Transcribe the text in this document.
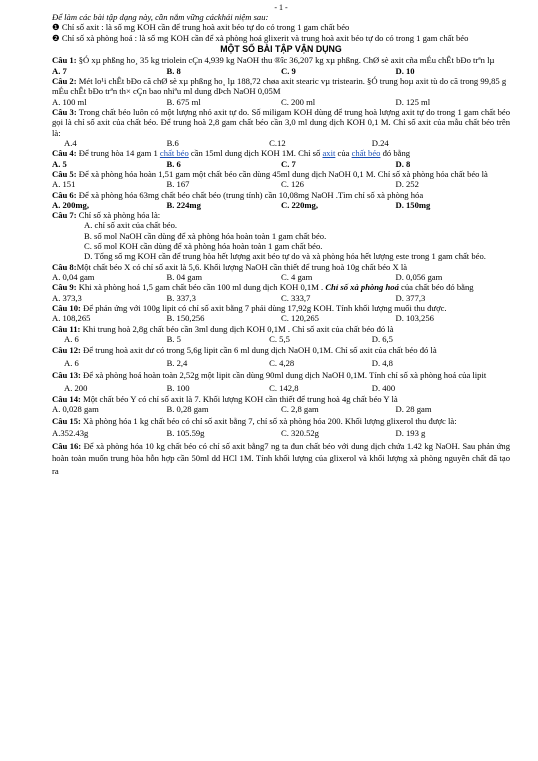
- 1 -

Để làm các bài tập dạng này, cần nắm vững cáckhái niệm sau:

❶ Chỉ số axit : là số mg KOH cần để trung hoà axit béo tự do có trong 1 gam chất béo

❷ Chỉ số xà phòng hoá : là số mg KOH cần để xà phòng hoá glixerit và trung hoà axit béo tự do có trong 1 gam chất béo

MỘT SỐ BÀI TẬP VẬN DỤNG

Câu 1: §Ó xµ phßng ho¸ 35 kg triolein cÇn 4,939 kg NaOH thu ®îc 36,207 kg xµ phßng. ChØ sè axit cña mÉu chÊt bÐo trªn lµ

A. 7	B. 8	C. 9	D. 10

Câu 2: Mét lo¹i chÊt bÐo cã chØ sè xµ phßng ho¸ lµ 188,72 chøa axit stearic vµ tristearin. §Ó trung hoµ axit tù do cã trong 99,85 g mÉu chÊt bÐo trªn th× cÇn bao nhiªu ml dung dÞch NaOH 0,05M

A. 100 ml	B. 675 ml	C. 200 ml	D. 125 ml

Câu 3: Trong chất béo luôn có một lượng nhỏ axit tự do. Số miligam KOH dùng để trung hoà lượng axit tự do trong 1 gam chất béo gọi là chỉ số axit của chất béo. Để trung hoà 2,8 gam chất béo cần 3,0 ml dung dịch KOH 0,1 M. Chỉ số axit của mẫu chất béo trên là:

A.4	B.6	C.12	D.24

Câu 4: Để trung hòa 14 gam 1 chất béo cần 15ml dung dịch KOH 1M. Chỉ số axit của chất béo đó bằng

A. 5	B. 6	C. 7	D. 8

Câu 5: Để xà phòng hóa hoàn 1,51 gam một chất béo cần dùng 45ml dung dịch NaOH 0,1 M. Chỉ số xà phòng hóa chất béo là

A. 151	B. 167	C. 126	D. 252

Câu 6: Để xà phòng hóa 63mg chất béo chất béo (trung tính) cần 10,08mg NaOH .Tìm chỉ số xà phòng hóa

A. 200mg,	B. 224mg	C. 220mg,	D. 150mg

Câu 7: Chỉ số xà phòng hóa là:

A. chỉ số axit của chất béo.

B. số mol NaOH cần dùng để xà phòng hóa hoàn toàn 1 gam chất béo.

C. số mol KOH cần dùng để xà phòng hóa hoàn toàn 1 gam chất béo.

D. Tổng số mg KOH cần để trung hòa hết lượng axit béo tự do và xà phòng hóa hết lượng este trong 1 gam chất béo.

Câu 8:Một chất béo X có chỉ số axit là 5,6. Khối lượng NaOH cần thiết để trung hoà 10g chất béo X là

A. 0,04 gam	B. 04 gam	C. 4 gam	D. 0,056 gam

Câu 9: Khi xà phòng hoá 1,5 gam chất béo cần 100 ml dung dịch KOH 0,1M . Chỉ số xà phòng hoá của chất béo đó bằng

A. 373,3	B. 337,3	C. 333,7	D. 377,3

Câu 10: Để phản ứng với 100g lipit có chỉ số axit bằng 7 phải dùng 17,92g KOH. Tính khối lượng muối thu được.

A. 108,265	B. 150,256	C. 120,265	D. 103,256

Câu 11: Khi trung hoà 2,8g chất béo cần 3ml dung dịch KOH 0,1M . Chỉ số axit của chất béo đó là

A. 6	B. 5	C. 5,5	D. 6,5

Câu 12: Để trung hoà axit dư có trong 5,6g lipit cần 6 ml dung dịch NaOH 0,1M. Chỉ số axit của chất béo đó là

A. 6	B. 2,4	C. 4,28	D. 4,8

Câu 13: Để xà phòng hoá hoàn toàn 2,52g một lipit cần dùng 90ml dung dịch NaOH 0,1M. Tính chỉ số xà phòng hoá của lipit

A. 200	B. 100	C. 142,8	D. 400

Câu 14: Một chất béo Y có chỉ số axit là 7. Khối lượng KOH cần thiết để trung hoà 4g chất béo Y là

A. 0,028 gam	B. 0,28 gam	C. 2,8 gam	D. 28 gam

Câu 15: Xà phòng hóa 1 kg chất béo có chỉ số axit bằng 7, chỉ số xà phòng hóa 200. Khối lượng glixerol thu được là:

A.352.43g	B. 105.59g	C. 320.52g	D. 193 g

Câu 16: Để xà phòng hóa 10 kg chất béo có chỉ số axit bằng7 ng ta đun chất béo với dung dịch chứa 1.42 kg NaOH. Sau phản ứng hoàn toàn muốn trung hòa hỗn hợp cần 50ml dd HCl 1M. Tính khối lượng của glixerol và khối lượng xà phòng nguyên chất đã tạo ra
